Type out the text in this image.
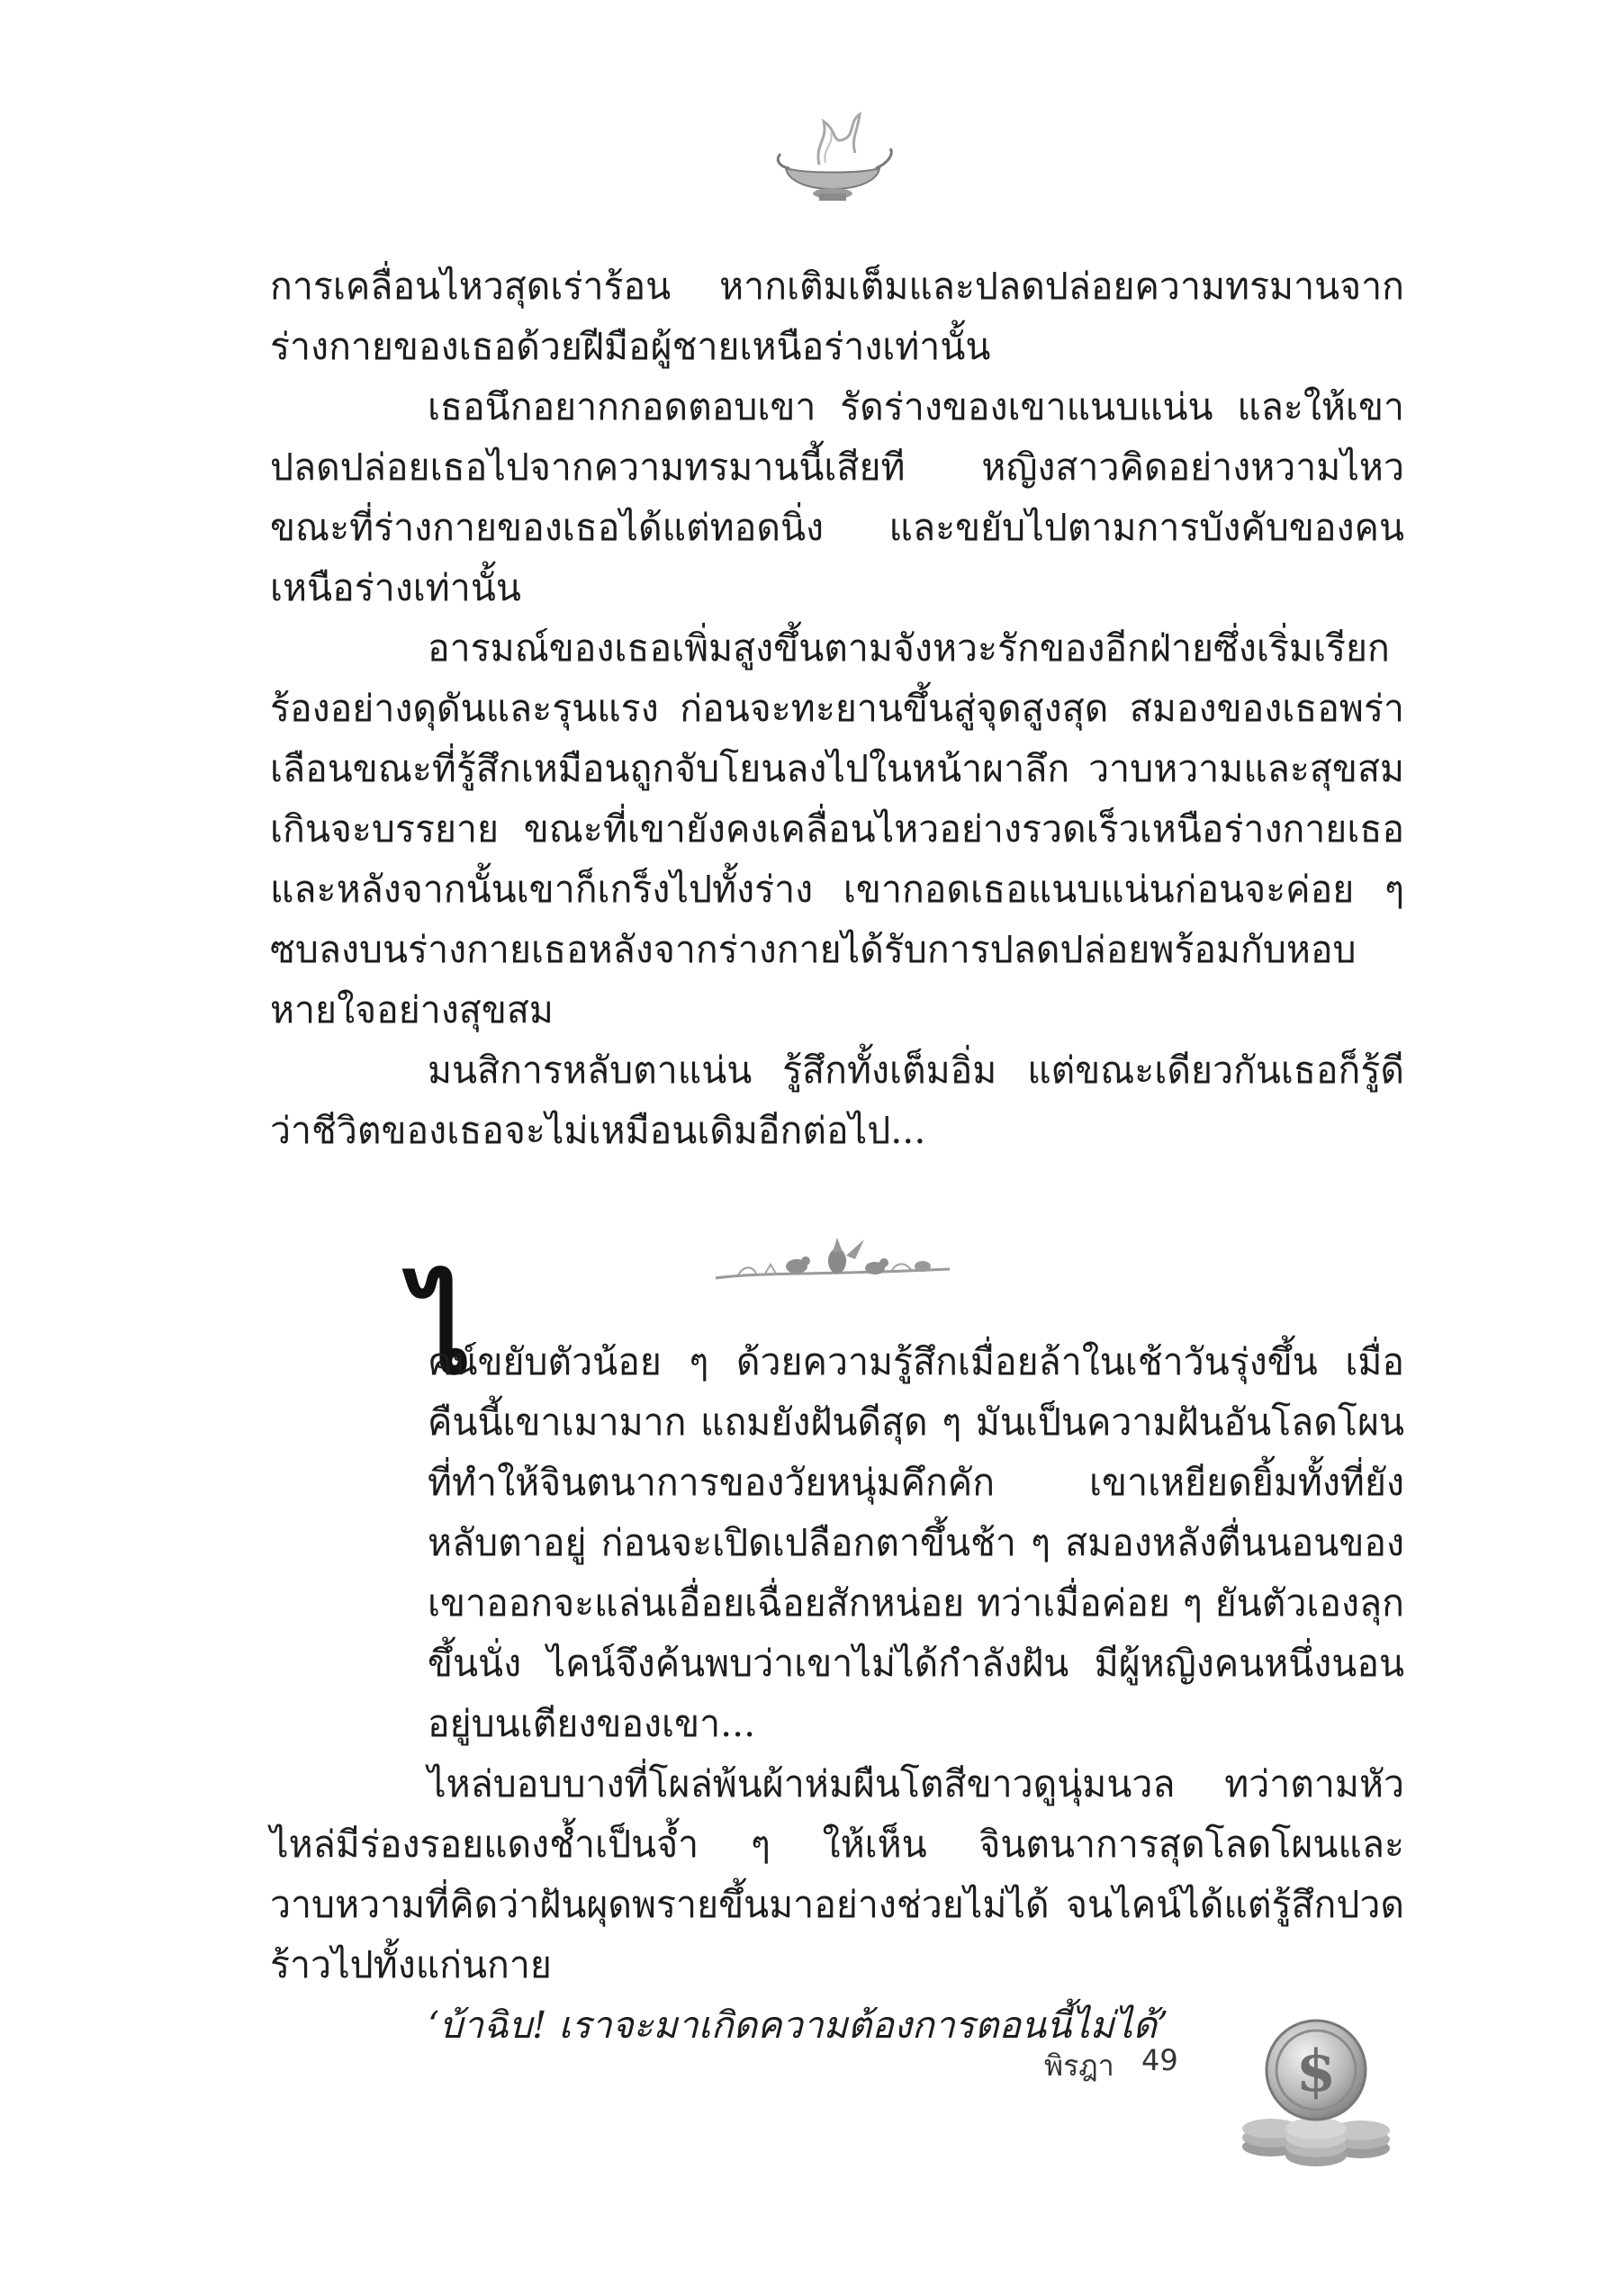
การเคลื่อนไหวสุดเร่าร้อน หากเติมเต็มและปลดปล่อยความทรมานจากร่างกายของเธอด้วยฝีมือผู้ชายเหนือร่างเท่านั้น

เธอนึกอยากกอดตอบเขา รัดร่างของเขาแนบแน่น และให้เขาปลดปล่อยเธอไปจากความทรมานนี้เสียที หญิงสาวคิดอย่างหวามไหว ขณะที่ร่างกายของเธอได้แต่ทอดนิ่ง และขยับไปตามการบังคับของคนเหนือร่างเท่านั้น

อารมณ์ของเธอเพิ่มสูงขึ้นตามจังหวะรักของอีกฝ่ายซึ่งเริ่มเรียกร้องอย่างดุดันและรุนแรง ก่อนจะทะยานขึ้นสู่จุดสูงสุด สมองของเธอพร่าเลือนขณะที่รู้สึกเหมือนถูกจับโยนลงไปในหน้าผาลึก วาบหวามและสุขสมเกินจะบรรยาย ขณะที่เขายังคงเคลื่อนไหวอย่างรวดเร็วเหนือร่างกายเธอ และหลังจากนั้นเขาก็เกร็งไปทั้งร่าง เขากอดเธอแนบแน่นก่อนจะค่อย ๆ ซบลงบนร่างกายเธอหลังจากร่างกายได้รับการปลดปล่อยพร้อมกับหอบหายใจอย่างสุขสม

มนสิการหลับตาแน่น รู้สึกทั้งเต็มอิ่ม แต่ขณะเดียวกันเธอก็รู้ดีว่าชีวิตของเธอจะไม่เหมือนเดิมอีกต่อไป...

ไ

คน์ขยับตัวน้อย ๆ ด้วยความรู้สึกเมื่อยล้าในเช้าวันรุ่งขึ้น เมื่อคืนนี้เขาเมามาก แถมยังฝันดีสุด ๆ มันเป็นความฝันอันโลดโผนที่ทำให้จินตนาการของวัยหนุ่มคึกคัก เขาเหยียดยิ้มทั้งที่ยังหลับตาอยู่ ก่อนจะเปิดเปลือกตาขึ้นช้า ๆ สมองหลังตื่นนอนของเขาออกจะแล่นเอื่อยเฉื่อยสักหน่อย ทว่าเมื่อค่อย ๆ ยันตัวเองลุกขึ้นนั่ง ไคน์จึงค้นพบว่าเขาไม่ได้กำลังฝัน มีผู้หญิงคนหนึ่งนอนอยู่บนเตียงของเขา...

ไหล่บอบบางที่โผล่พ้นผ้าห่มผืนโตสีขาวดูนุ่มนวล ทว่าตามหัวไหล่มีร่องรอยแดงช้ำเป็นจ้ำ ๆ ให้เห็น จินตนาการสุดโลดโผนและวาบหวามที่คิดว่าฝันผุดพรายขึ้นมาอย่างช่วยไม่ได้ จนไคน์ได้แต่รู้สึกปวดร้าวไปทั้งแก่นกาย

‘บ้าฉิบ! เราจะมาเกิดความต้องการตอนนี้ไม่ได้’

พิรฎา 49 $
